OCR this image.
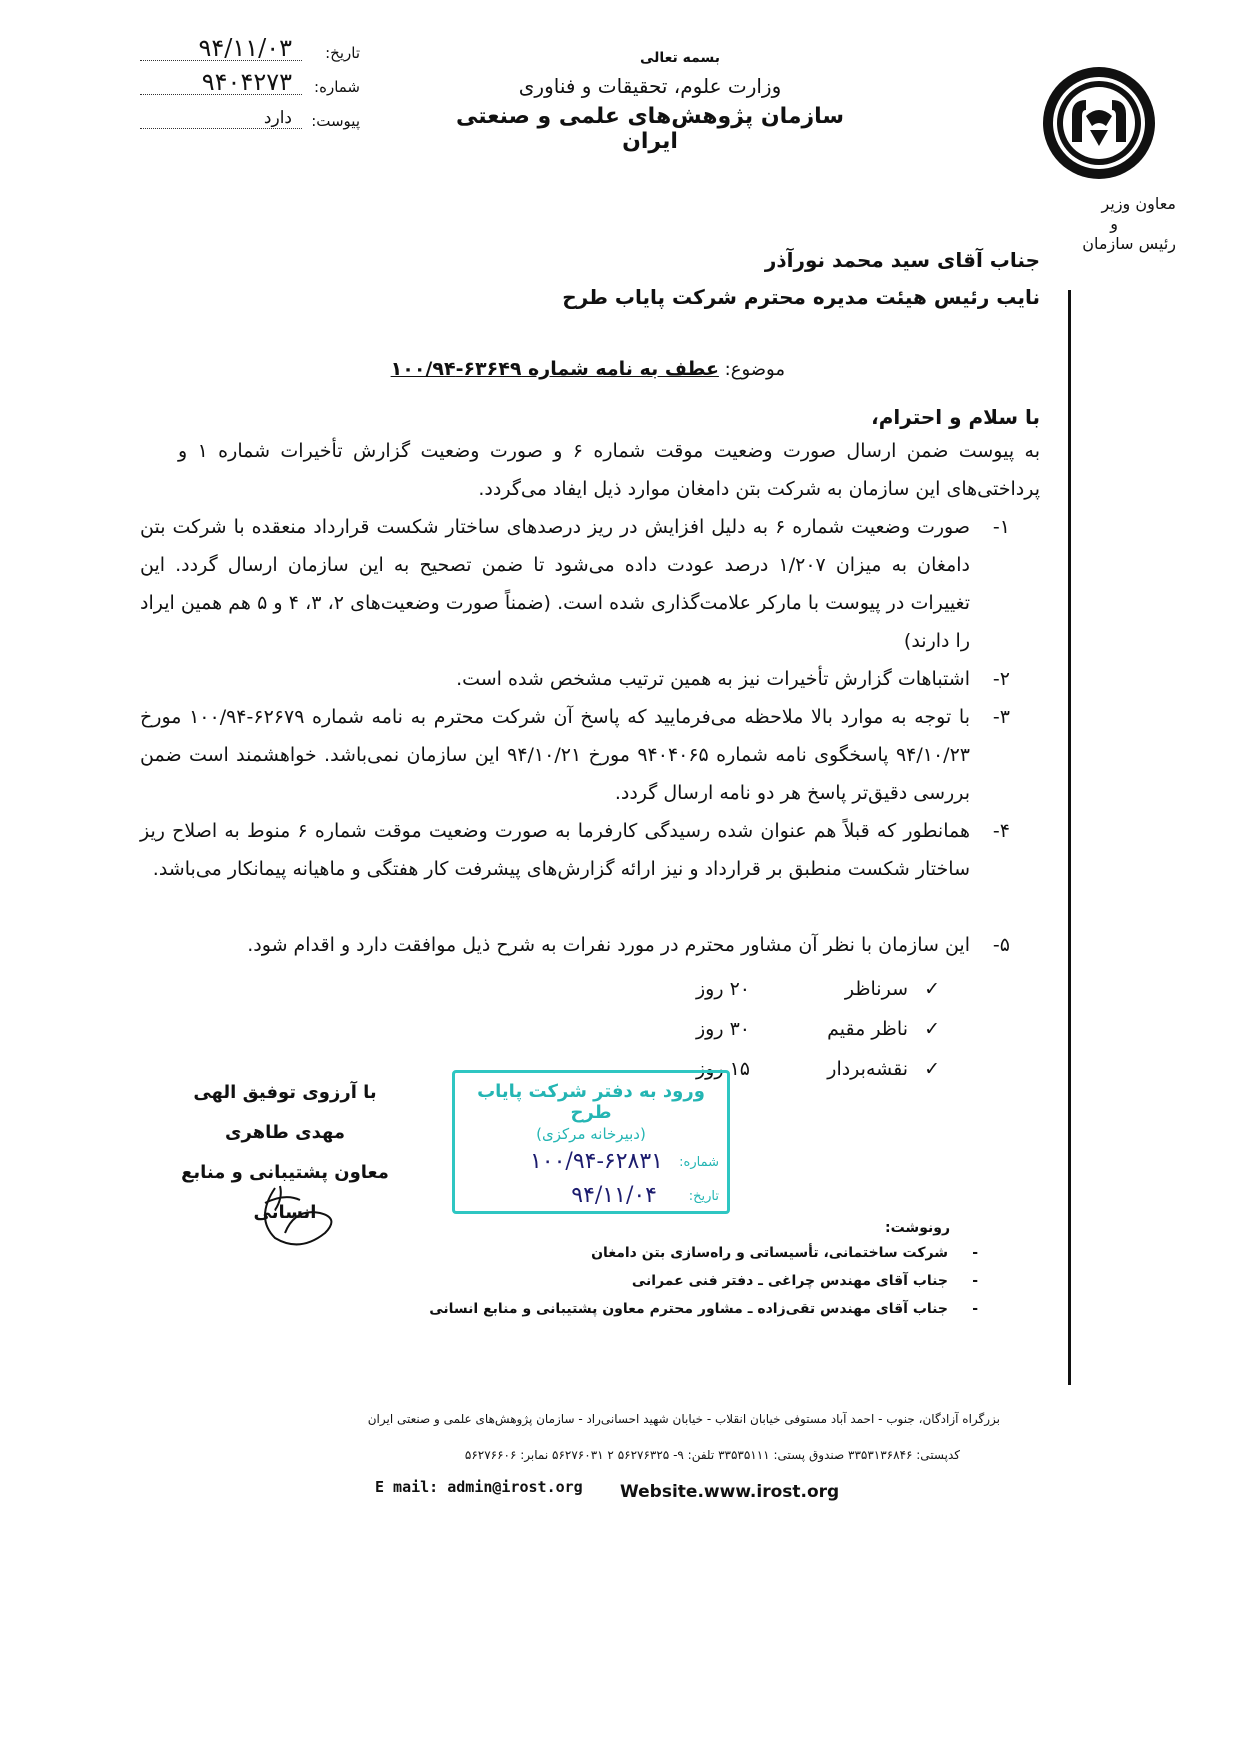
تاریخ:
۹۴/۱۱/۰۳
شماره:
۹۴۰۴۲۷۳
پیوست:
دارد
بسمه تعالی
وزارت علوم، تحقیقات و فناوری
سازمان پژوهش‌های علمی و صنعتی ایران
معاون وزیر
و
رئیس سازمان
جناب آقای سید محمد نورآذر
نایب رئیس هیئت مدیره محترم شرکت پایاب طرح
موضوع: عطف به نامه شماره ۶۳۶۴۹-۱۰۰/۹۴
با سلام و احترام،
به پیوست ضمن ارسال صورت وضعیت موقت شماره ۶ و صورت وضعیت گزارش تأخیرات شماره ۱ و پرداختی‌های این سازمان به شرکت بتن دامغان موارد ذیل ایفاد می‌گردد.
۱-
صورت وضعیت شماره ۶ به دلیل افزایش در ریز درصدهای ساختار شکست قرارداد منعقده با شرکت بتن دامغان به میزان ۱/۲۰۷ درصد عودت داده می‌شود تا ضمن تصحیح به این سازمان ارسال گردد. این تغییرات در پیوست با مارکر علامت‌گذاری شده است. (ضمناً صورت وضعیت‌های ۲، ۳، ۴ و ۵ هم همین ایراد را دارند)
۲-
اشتباهات گزارش تأخیرات نیز به همین ترتیب مشخص شده است.
۳-
با توجه به موارد بالا ملاحظه می‌فرمایید که پاسخ آن شرکت محترم به نامه شماره ۶۲۶۷۹-۱۰۰/۹۴ مورخ ۹۴/۱۰/۲۳ پاسخگوی نامه شماره ۹۴۰۴۰۶۵ مورخ ۹۴/۱۰/۲۱ این سازمان نمی‌باشد. خواهشمند است ضمن بررسی دقیق‌تر پاسخ هر دو نامه ارسال گردد.
۴-
همانطور که قبلاً هم عنوان شده رسیدگی کارفرما به صورت وضعیت موقت شماره ۶ منوط به اصلاح ریز ساختار شکست منطبق بر قرارداد و نیز ارائه گزارش‌های پیشرفت کار هفتگی و ماهیانه پیمانکار می‌باشد.
۵-
این سازمان با نظر آن مشاور محترم در مورد نفرات به شرح ذیل موافقت دارد و اقدام شود.
✓
سرناظر
۲۰ روز
✓
ناظر مقیم
۳۰ روز
✓
نقشه‌بردار
۱۵ روز
با آرزوی توفیق الهی
مهدی طاهری
معاون پشتیبانی و منابع انسانی
ورود به دفتر شرکت پایاب طرح
(دبیرخانه مرکزی)
شماره:
۱۰۰/۹۴-۶۲۸۳۱
تاریخ:
۹۴/۱۱/۰۴
رونوشت:
-
شرکت ساختمانی، تأسیساتی و راه‌سازی بتن دامغان
-
جناب آقای مهندس چراغی ـ دفتر فنی عمرانی
-
جناب آقای مهندس تقی‌زاده ـ مشاور محترم معاون پشتیبانی و منابع انسانی
بزرگراه آزادگان، جنوب - احمد آباد مستوفی خیابان انقلاب - خیابان شهید احسانی‌راد - سازمان پژوهش‌های علمی و صنعتی ایران
کدپستی: ۳۳۵۳۱۳۶۸۴۶ صندوق پستی: ۳۳۵۳۵۱۱۱ تلفن: ۹- ۵۶۲۷۶۳۲۵ ۲ ۵۶۲۷۶۰۳۱ نمابر: ۵۶۲۷۶۶۰۶
E mail: admin@irost.org Website.www.irost.org
